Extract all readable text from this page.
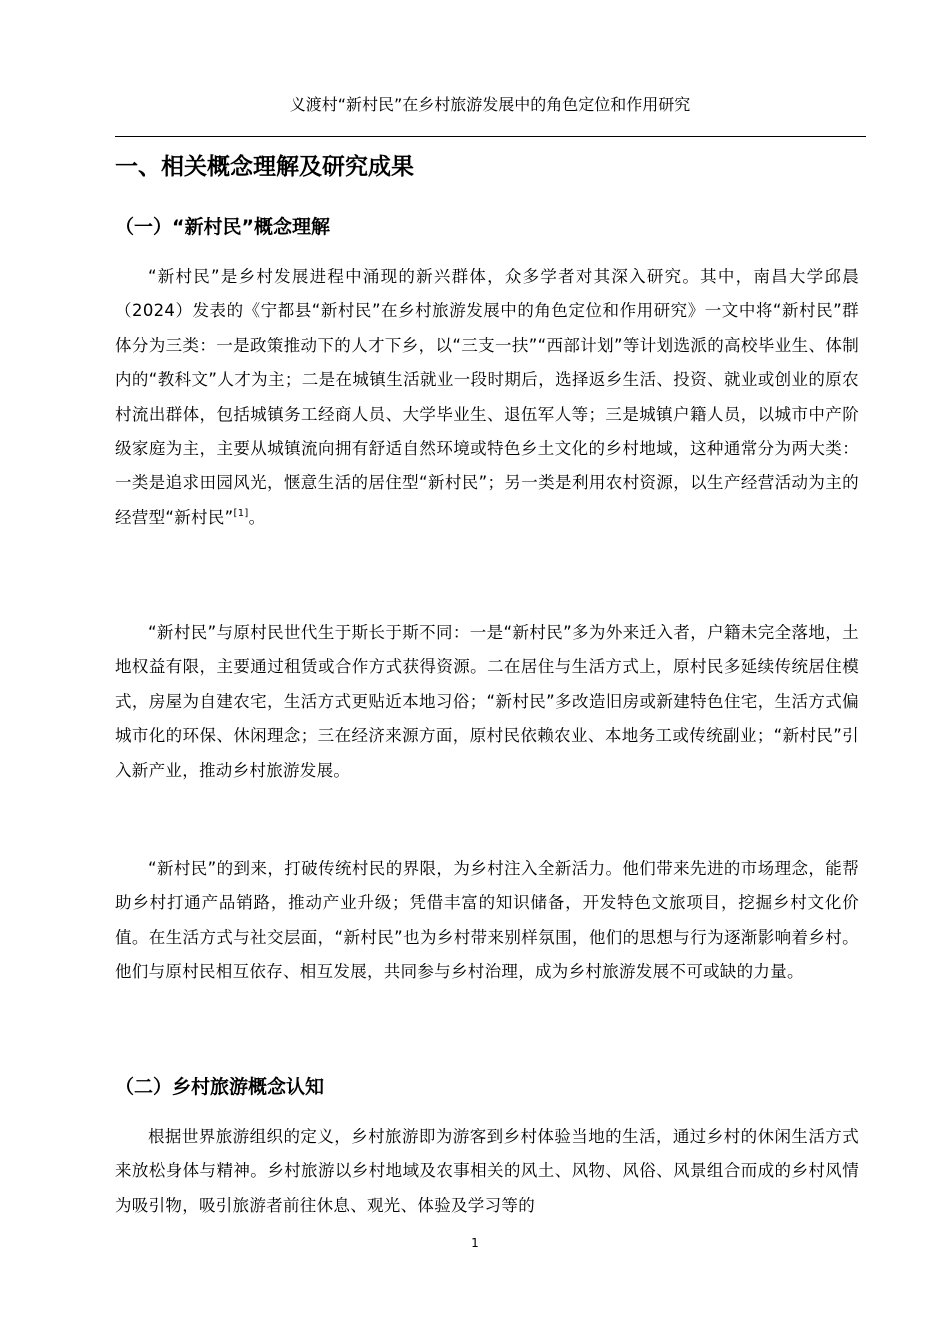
义渡村“新村民”在乡村旅游发展中的角色定位和作用研究
一、相关概念理解及研究成果
（一）“新村民”概念理解

“新村民”是乡村发展进程中涌现的新兴群体，众多学者对其深入研究。其中，南昌大学邱晨（2024）发表的《宁都县“新村民”在乡村旅游发展中的角色定位和作用研究》一文中将“新村民”群体分为三类：一是政策推动下的人才下乡，以“三支一扶”“西部计划”等计划选派的高校毕业生、体制内的“教科文”人才为主；二是在城镇生活就业一段时期后，选择返乡生活、投资、就业或创业的原农村流出群体，包括城镇务工经商人员、大学毕业生、退伍军人等；三是城镇户籍人员，以城市中产阶级家庭为主，主要从城镇流向拥有舒适自然环境或特色乡土文化的乡村地域，这种通常分为两大类：一类是追求田园风光，惬意生活的居住型“新村民”；另一类是利用农村资源，以生产经营活动为主的经营型“新村民”[1]。

“新村民”与原村民世代生于斯长于斯不同：一是“新村民”多为外来迁入者，户籍未完全落地，土地权益有限，主要通过租赁或合作方式获得资源。二在居住与生活方式上，原村民多延续传统居住模式，房屋为自建农宅，生活方式更贴近本地习俗；“新村民”多改造旧房或新建特色住宅，生活方式偏城市化的环保、休闲理念；三在经济来源方面，原村民依赖农业、本地务工或传统副业；“新村民”引入新产业，推动乡村旅游发展。

“新村民”的到来，打破传统村民的界限，为乡村注入全新活力。他们带来先进的市场理念，能帮助乡村打通产品销路，推动产业升级；凭借丰富的知识储备，开发特色文旅项目，挖掘乡村文化价值。在生活方式与社交层面，“新村民”也为乡村带来别样氛围，他们的思想与行为逐渐影响着乡村。他们与原村民相互依存、相互发展，共同参与乡村治理，成为乡村旅游发展不可或缺的力量。

（二）乡村旅游概念认知

根据世界旅游组织的定义，乡村旅游即为游客到乡村体验当地的生活，通过乡村的休闲生活方式来放松身体与精神。乡村旅游以乡村地域及农事相关的风土、风物、风俗、风景组合而成的乡村风情为吸引物，吸引旅游者前往休息、观光、体验及学习等的

1
